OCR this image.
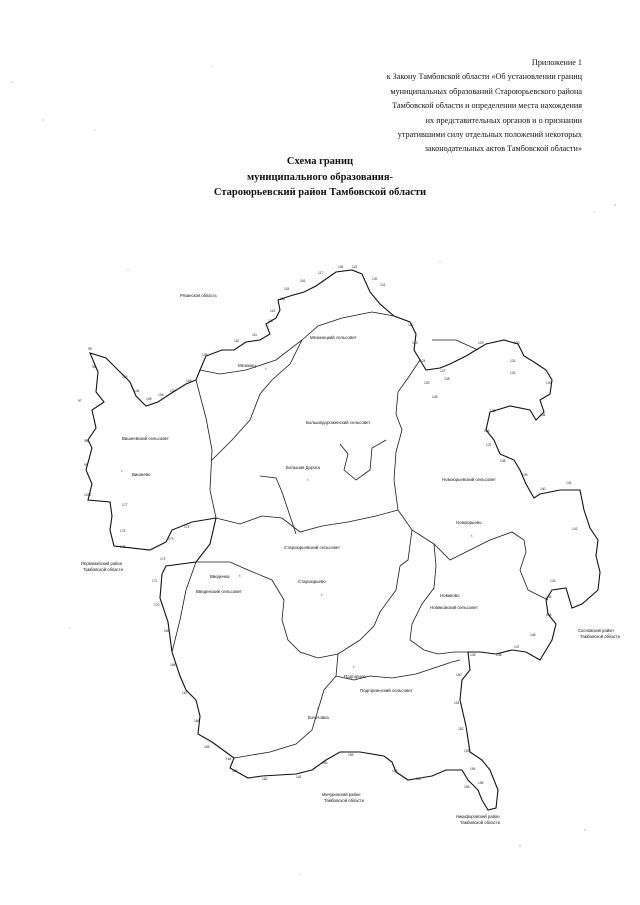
Приложение 1
к Закону Тамбовской области «Об установлении границ
муниципальных образований Староюрьевского района
Тамбовской области и определении места нахождения
их представительных органов и о признании
утратившими силу отдельных положений некоторых
законодательных актов Тамбовской области»
Схема границ
муниципального образования-
Староюрьевский район Тамбовской области
Рязанская область
Первомайский район
Тамбовской области
Сосновский район
Тамбовской области
Мичуринский район
Тамбовской области
Никифоровский район
Тамбовской области
Мезинецкий сельсовет
Вишневский сельсовет
Большедороженский сельсовет
Новоюрьевский сельсовет
Введенский сельсовет
Староюрьевский сельсовет
Новиковский сельсовет
Подгорненский сельсовет
Мезинец
♁
Вишнево
♁
Большая Дорога
♁
Новоюрьево
♁
Введенка ♁
Староюрьево
♁	Новиково
♁
Подгорное
♁
Кочетовка
♁
95
96
97
98
99
1072
103
104
105
106
107
108
109
110
111
112
113
114
115
116
117
118	119
120
121
122
123
124
125
126
127
128
129	130
131
132
133
134
135
136
137
138
139
140
141
142
143
144
145
146
147
148
149
150
151
152
153
154
155
156
157
158
159
160
161
162
163
164
165
166
167
168
169
170
171
172
173
174
175
176
177
